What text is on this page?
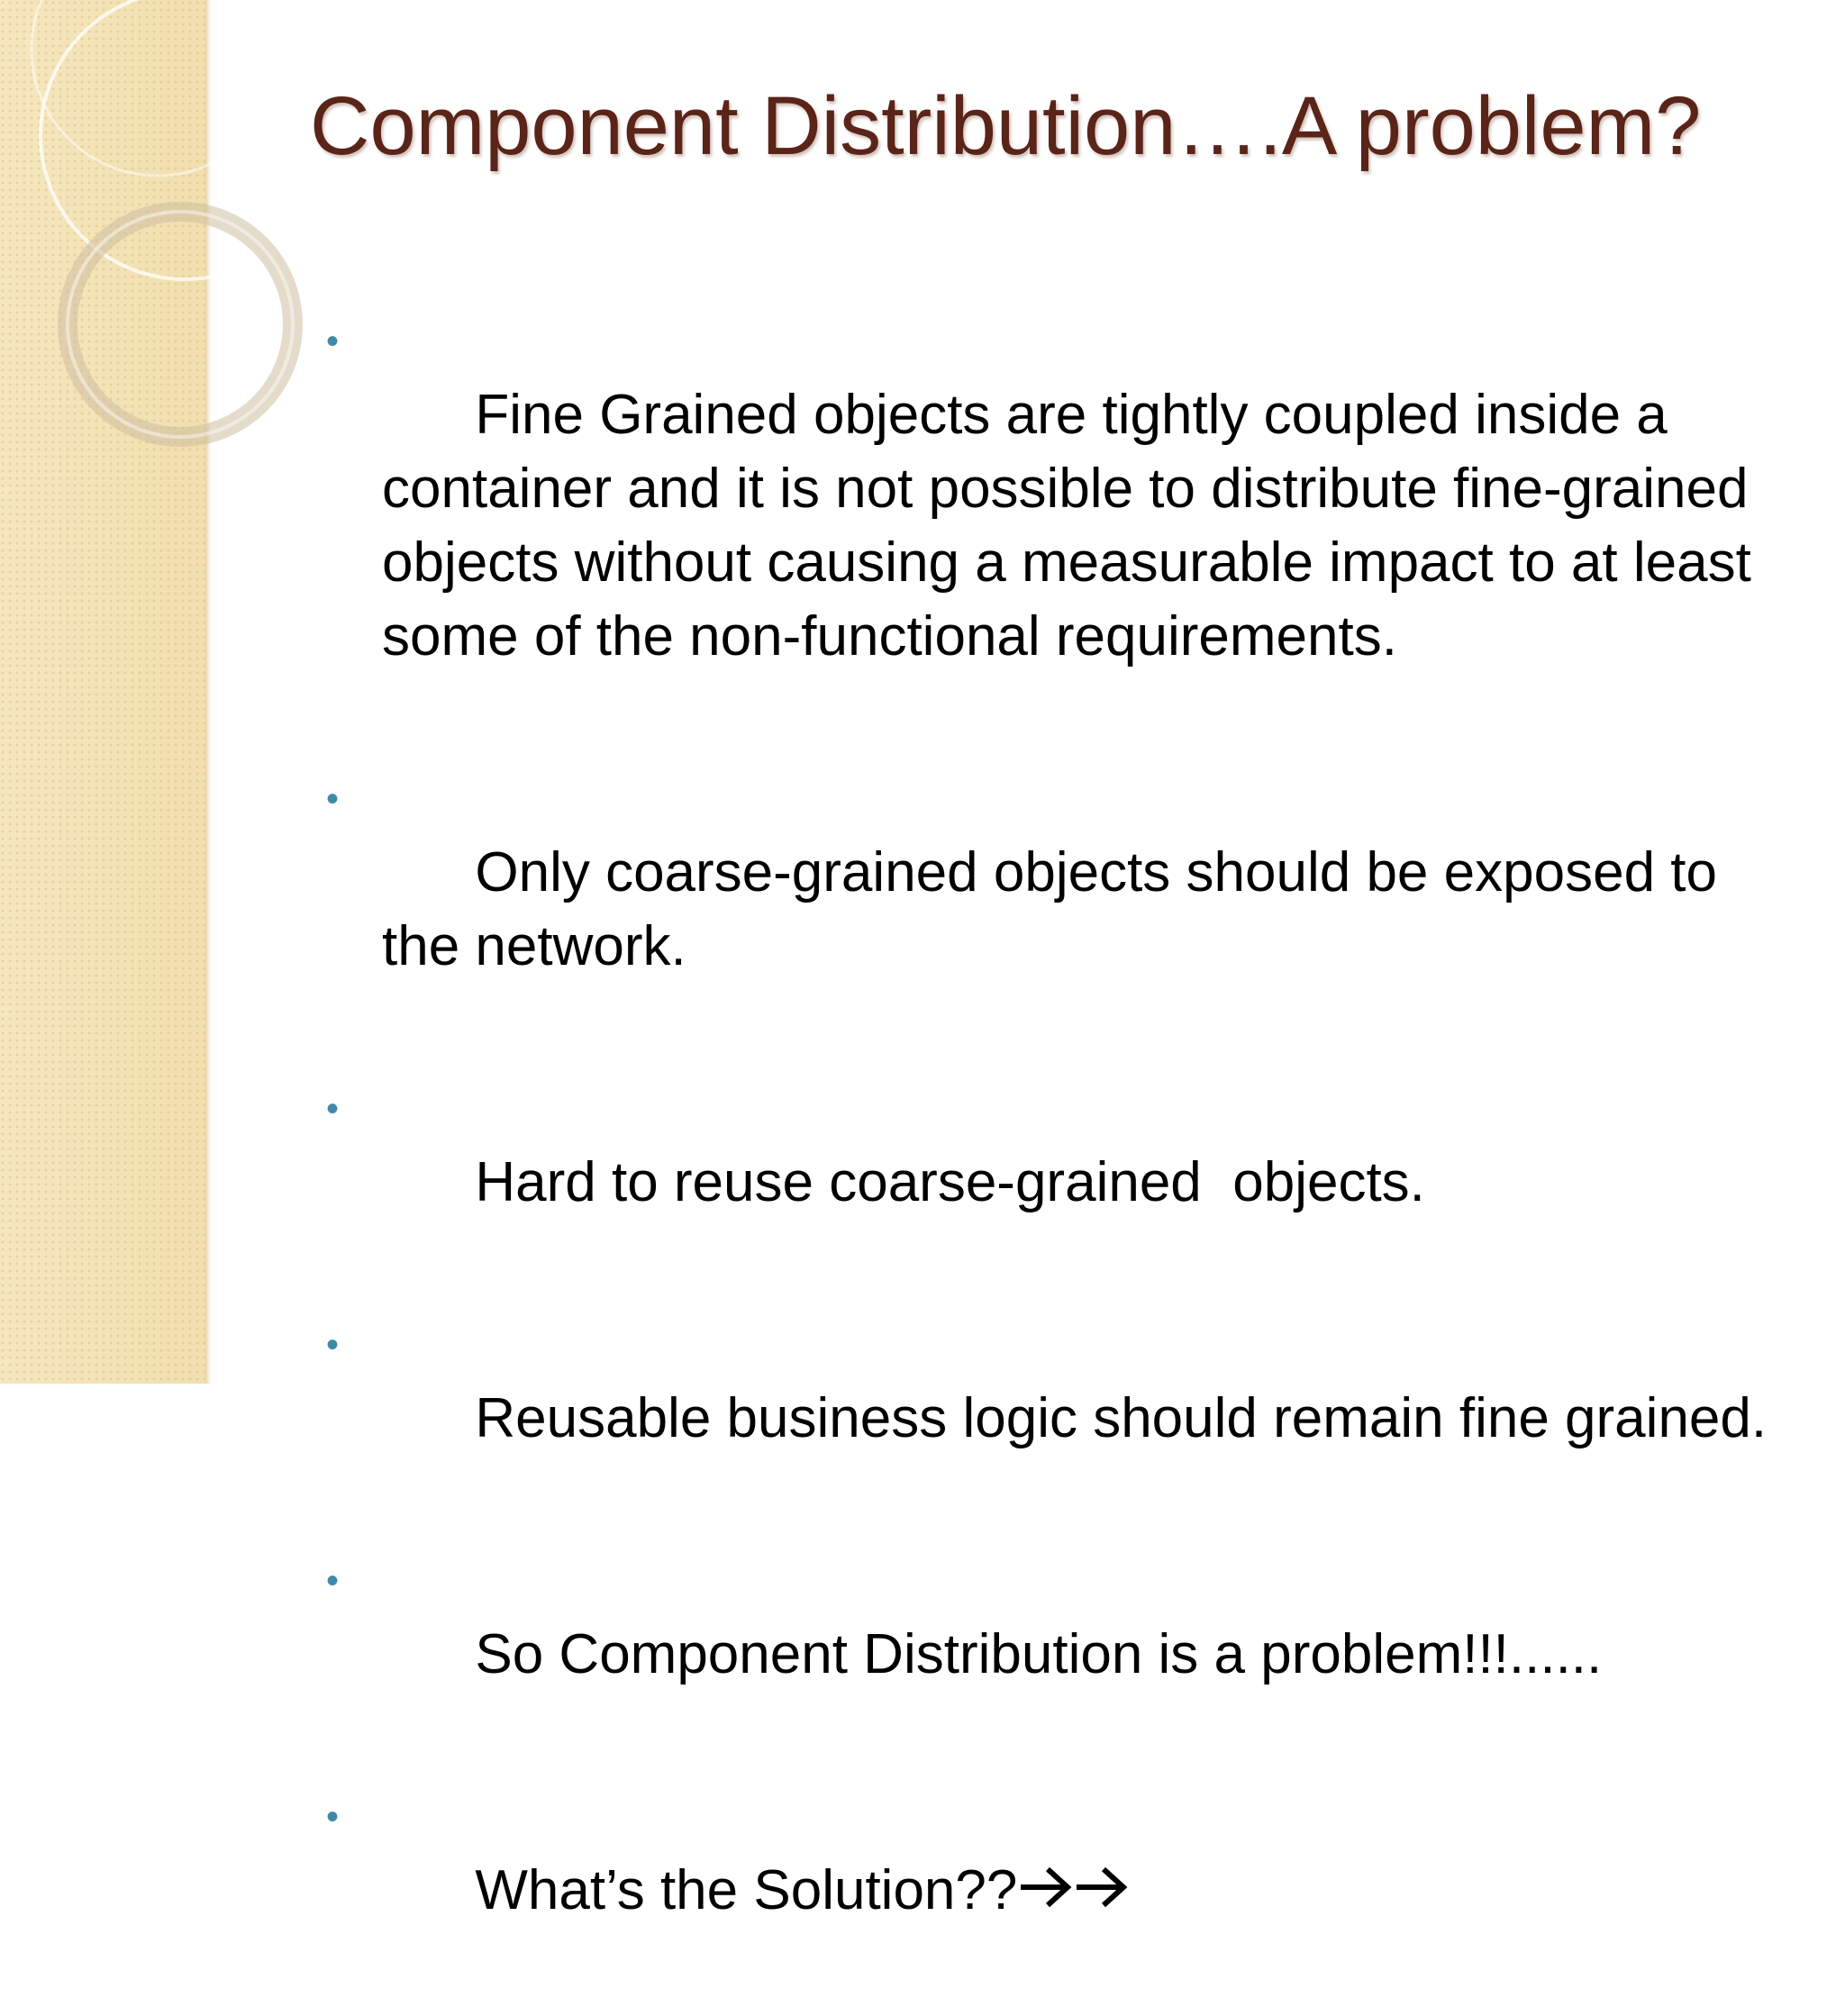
Component Distribution….A problem?

•
Fine Grained objects are tightly coupled inside a container and it is not possible to distribute fine-grained  objects without causing a measurable impact to at least some of the non-functional requirements.

•
Only coarse-grained objects should be exposed to the network.

•
Hard to reuse coarse-grained  objects.

•
Reusable business logic should remain fine grained.

•
So Component Distribution is a problem!!!......

•
What’s the Solution??
